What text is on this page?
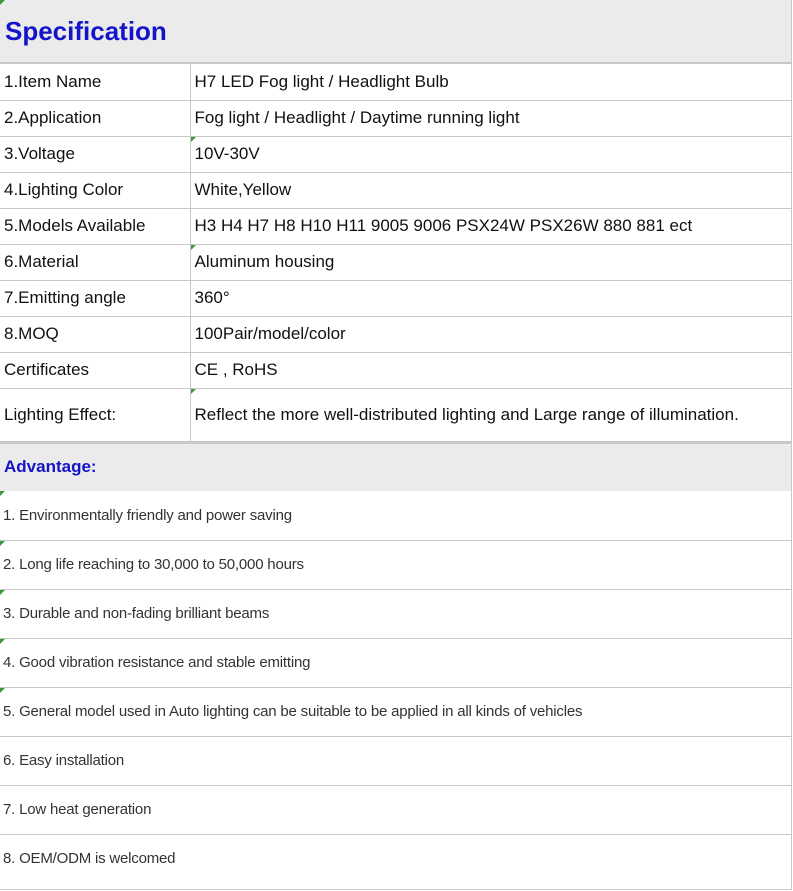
Specification
1.Item Name	H7 LED Fog light / Headlight Bulb
2.Application	Fog light / Headlight / Daytime running light
3.Voltage	10V-30V
4.Lighting Color	White,Yellow
5.Models Available	H3 H4 H7 H8 H10 H11 9005 9006 PSX24W PSX26W 880 881 ect
6.Material	Aluminum housing
7.Emitting angle	360°
8.MOQ	100Pair/model/color
Certificates	CE , RoHS
Lighting Effect:	Reflect the more well-distributed lighting and Large range of illumination.
Advantage:
1. Environmentally friendly and power saving
2. Long life reaching to 30,000 to 50,000 hours
3. Durable and non-fading brilliant beams
4. Good vibration resistance and stable emitting
5. General model used in Auto lighting can be suitable to be applied in all kinds of vehicles
6. Easy installation
7. Low heat generation
8. OEM/ODM is welcomed
